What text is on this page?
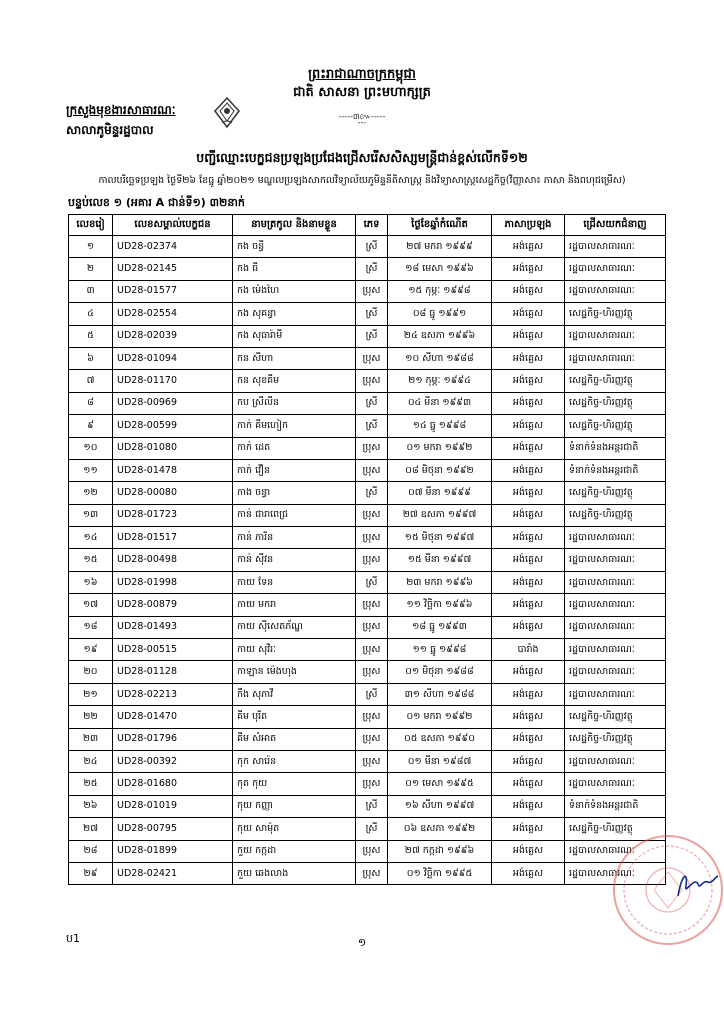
ព្រះរាជាណាចក្រកម្ពុជា
ជាតិ សាសនា ព្រះមហាក្សត្រ
-----៣៚--------
ក្រសួងមុខងារសាធារណៈ
សាលាភូមិន្ទរដ្ឋបាល
បញ្ជីឈ្មោះបេក្ខជនប្រឡងប្រជែងជ្រើសរើសសិស្សមន្ត្រីជាន់ខ្ពស់លើកទី១២
កាលបរិច្ឆេទប្រឡង ថ្ងៃទី២៦ ខែធ្នូ ឆ្នាំ២០២១ មណ្ឌលប្រឡងសាកលវិទ្យាល័យភូមិន្ទនីតិសាស្ត្រ និងវិទ្យាសាស្ត្រសេដ្ឋកិច្ច(វិញ្ញាសា៖ ភាសា និងពហុជម្រើស)
បន្ទប់លេខ ១ (អគារ A ជាន់ទី១) ៣២នាក់
លេខរៀ	លេខសម្គាល់បេក្ខជន	នាមត្រកូល និងនាមខ្លួន	ភេទ	ថ្ងៃខែឆ្នាំកំណើត	ភាសាប្រឡង	ជ្រើសយកជំនាញ
១	UD28-02374	កង ចន្ធី	ស្រី	២៧ មករា ១៩៩៩	អង់គ្លេស	រដ្ឋបាលសាធារណៈ
២	UD28-02145	កង ធី	ស្រី	១៨ មេសា ១៩៩៦	អង់គ្លេស	រដ្ឋបាលសាធារណៈ
៣	UD28-01577	កង ម៉េងហៃ	ប្រុស	១៥ កុម្ភៈ ១៩៩៨	អង់គ្លេស	រដ្ឋបាលសាធារណៈ
៤	UD28-02554	កង សុគន្ធា	ស្រី	០៨ ធ្នូ ១៩៩១	អង់គ្លេស	សេដ្ឋកិច្ច-ហិរញ្ញវត្ថុ
៥	UD28-02039	កង សុធារ៉ាមី	ស្រី	២៤ ឧសភា ១៩៩៦	អង់គ្លេស	រដ្ឋបាលសាធារណៈ
៦	UD28-01094	កន សីហា	ប្រុស	១០ សីហា ១៩៨៨	អង់គ្លេស	រដ្ឋបាលសាធារណៈ
៧	UD28-01170	កន សុខគីម	ប្រុស	២១ កុម្ភៈ ១៩៩៤	អង់គ្លេស	សេដ្ឋកិច្ច-ហិរញ្ញវត្ថុ
៨	UD28-00969	កប ស្រីលីន	ស្រី	០៤ មីនា ១៩៩៣	អង់គ្លេស	សេដ្ឋកិច្ច-ហិរញ្ញវត្ថុ
៩	UD28-00599	កាក់ គីមហៀក	ស្រី	១៤ ធ្នូ ១៩៩៨	អង់គ្លេស	សេដ្ឋកិច្ច-ហិរញ្ញវត្ថុ
១០	UD28-01080	កាក់ ដេត	ប្រុស	០១ មករា ១៩៩២	អង់គ្លេស	ទំនាក់ទំនងអន្តរជាតិ
១១	UD28-01478	កាក់ វឿន	ប្រុស	០៨ មិថុនា ១៩៩២	អង់គ្លេស	ទំនាក់ទំនងអន្តរជាតិ
១២	UD28-00080	កាង ចន្ធា	ស្រី	០៧ មីនា ១៩៩៩	អង់គ្លេស	សេដ្ឋកិច្ច-ហិរញ្ញវត្ថុ
១៣	UD28-01723	កាន់ ជារាពេជ្រ	ប្រុស	២៧ ឧសភា ១៩៩៧	អង់គ្លេស	សេដ្ឋកិច្ច-ហិរញ្ញវត្ថុ
១៤	UD28-01517	កាន់ ភារិន	ប្រុស	១៥ មិថុនា ១៩៩៧	អង់គ្លេស	រដ្ឋបាលសាធារណៈ
១៥	UD28-00498	កាន់ ស៊ីវន	ប្រុស	១៥ មីនា ១៩៩៧	អង់គ្លេស	រដ្ឋបាលសាធារណៈ
១៦	UD28-01998	កាយ ទែន	ស្រី	២៣ មករា ១៩៩៦	អង់គ្លេស	រដ្ឋបាលសាធារណៈ
១៧	UD28-00879	កាយ មករា	ប្រុស	១១ វិច្ឆិកា ១៩៩៦	អង់គ្លេស	រដ្ឋបាលសាធារណៈ
១៨	UD28-01493	កាយ ស៊ីសេតភ័ណ្ឌ	ប្រុស	១៨ ធ្នូ ១៩៩៣	អង់គ្លេស	រដ្ឋបាលសាធារណៈ
១៩	UD28-00515	កាយ សុវិរៈ	ប្រុស	១១ ធ្នូ ១៩៩៨	បារាំង	រដ្ឋបាលសាធារណៈ
២០	UD28-01128	កាឡាន ម៉េងហុង	ប្រុស	០១ មិថុនា ១៩៨៨	អង់គ្លេស	រដ្ឋបាលសាធារណៈ
២១	UD28-02213	កឹង សុភាវី	ស្រី	៣១ សីហា ១៩៨៨	អង់គ្លេស	រដ្ឋបាលសាធារណៈ
២២	UD28-01470	គីម បុរិត	ប្រុស	០១ មករា ១៩៩២	អង់គ្លេស	សេដ្ឋកិច្ច-ហិរញ្ញវត្ថុ
២៣	UD28-01796	គីម សំអាត	ប្រុស	០៥ ឧសភា ១៩៩០	អង់គ្លេស	សេដ្ឋកិច្ច-ហិរញ្ញវត្ថុ
២៤	UD28-00392	កុក សារ៉េន	ប្រុស	០១ មីនា ១៩៨៧	អង់គ្លេស	រដ្ឋបាលសាធារណៈ
២៥	UD28-01680	កុត កុយ	ប្រុស	០១ មេសា ១៩៩៥	អង់គ្លេស	រដ្ឋបាលសាធារណៈ
២៦	UD28-01019	កុយ កញ្ញា	ស្រី	១៦ សីហា ១៩៩៧	អង់គ្លេស	ទំនាក់ទំនងអន្តរជាតិ
២៧	UD28-00795	កុយ សាម៉ុត	ស្រី	០៦ ឧសភា ១៩៩២	អង់គ្លេស	សេដ្ឋកិច្ច-ហិរញ្ញវត្ថុ
២៨	UD28-01899	កួយ កក្កដា	ប្រុស	២៧ កក្កដា ១៩៩៦	អង់គ្លេស	រដ្ឋបាលសាធារណៈ
២៩	UD28-02421	កួយ ឆេងលាង	ប្រុស	០១ វិច្ឆិកា ១៩៩៥	អង់គ្លេស	រដ្ឋបាលសាធារណៈ
ប1	១
